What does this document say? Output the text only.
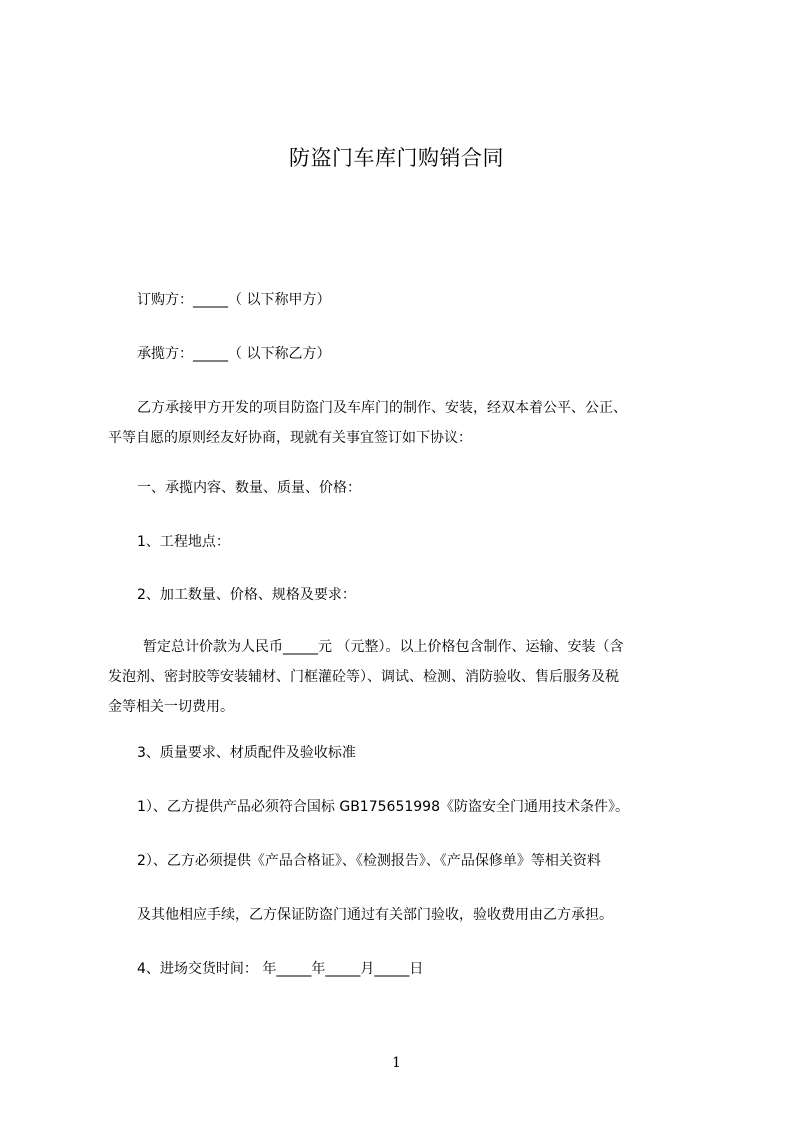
防盗门车库门购销合同
订购方：_____（ 以下称甲方）
承揽方：_____（ 以下称乙方）
乙方承接甲方开发的项目防盗门及车库门的制作、安装，经双本着公平、公正、
平等自愿的原则经友好协商，现就有关事宜签订如下协议：
一、承揽内容、数量、质量、价格：
1、工程地点：
2、加工数量、价格、规格及要求：
暂定总计价款为人民币_____元 （元整）。以上价格包含制作、运输、安装（含
发泡剂、密封胶等安装辅材、门框灌砼等）、调试、检测、消防验收、售后服务及税
金等相关一切费用。
3、质量要求、材质配件及验收标准
1）、乙方提供产品必须符合国标 GB175651998《防盗安全门通用技术条件》。
2）、乙方必须提供《产品合格证》、《检测报告》、《产品保修单》等相关资料
及其他相应手续，乙方保证防盗门通过有关部门验收，验收费用由乙方承担。
4、进场交货时间： 年_____年_____月_____日
1
